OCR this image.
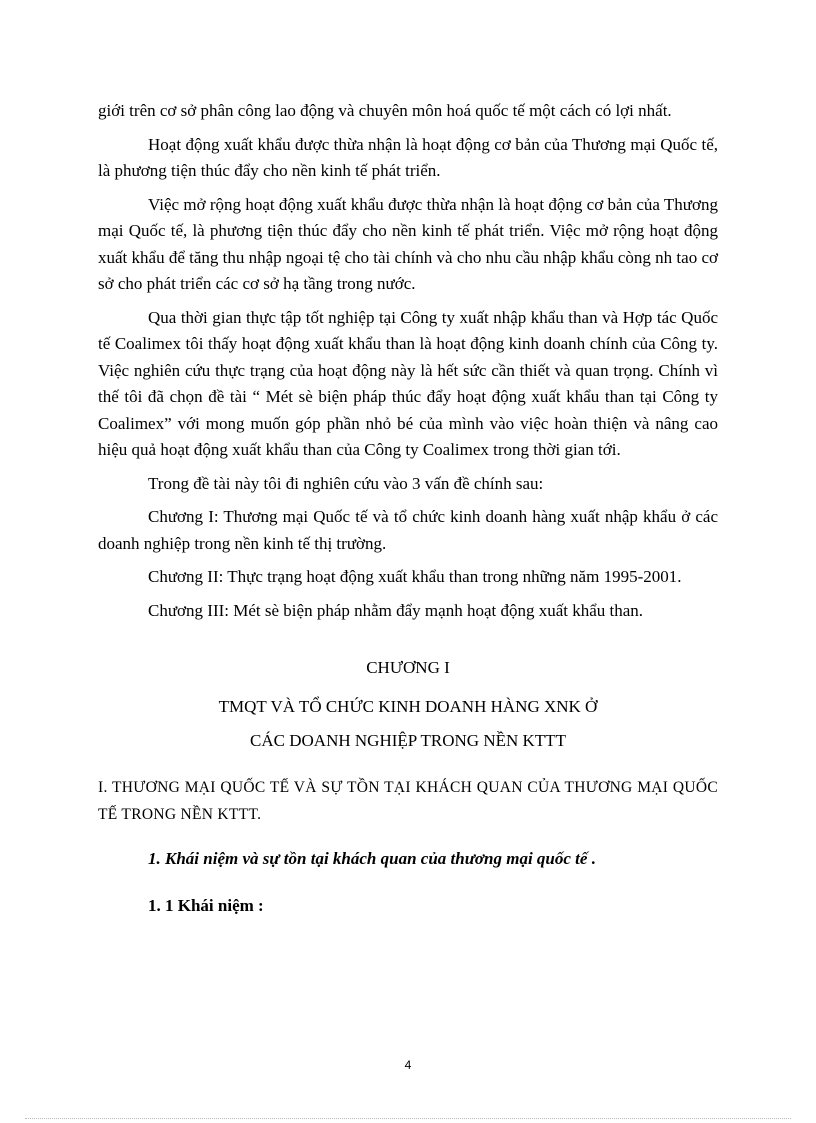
giới trên cơ sở phân công lao động và chuyên môn hoá quốc tế một cách có lợi nhất.

Hoạt động xuất khẩu được thừa nhận là hoạt động cơ bản của Thương mại Quốc tế, là phương tiện thúc đẩy cho nền kinh tế phát triển.

Việc mở rộng hoạt động xuất khẩu được thừa nhận là hoạt động cơ bản của Thương mại Quốc tế, là phương tiện thúc đẩy cho nền kinh tế phát triển. Việc mở rộng hoạt động xuất khẩu để tăng thu nhập ngoại tệ cho tài chính và cho nhu cầu nhập khẩu còng nh tao cơ sở cho phát triển các cơ sở hạ tầng trong nước.

Qua thời gian thực tập tốt nghiệp tại Công ty xuất nhập khẩu than và Hợp tác Quốc tế Coalimex tôi thấy hoạt động xuất khẩu than là hoạt động kinh doanh chính của Công ty. Việc nghiên cứu thực trạng của hoạt động này là hết sức cần thiết và quan trọng. Chính vì thế tôi đã chọn đề tài “ Mét sè biện pháp thúc đẩy hoạt động xuất khẩu than tại Công ty Coalimex” với mong muốn góp phần nhỏ bé của mình vào việc hoàn thiện và nâng cao hiệu quả hoạt động xuất khẩu than của Công ty Coalimex trong thời gian tới.

Trong đề tài này tôi đi nghiên cứu vào 3 vấn đề chính sau:

Chương I: Thương mại Quốc tế và tổ chức kinh doanh hàng xuất nhập khẩu ở các doanh nghiệp trong nền kinh tế thị trường.

Chương II: Thực trạng hoạt động xuất khẩu than trong những năm 1995-2001.

Chương III: Mét sè biện pháp nhằm đẩy mạnh hoạt động xuất khẩu than.

CHƯƠNG I

TMQT VÀ TỔ CHỨC KINH DOANH HÀNG XNK Ở

CÁC DOANH NGHIỆP TRONG NỀN KTTT

I. THƯƠNG MẠI QUỐC TẾ VÀ SỰ TỒN TẠI KHÁCH QUAN CỦA THƯƠNG MẠI QUỐC TẾ TRONG NỀN KTTT.

1. Khái niệm và sự tồn tại khách quan của thương mại quốc tế .

1. 1 Khái niệm :

4
